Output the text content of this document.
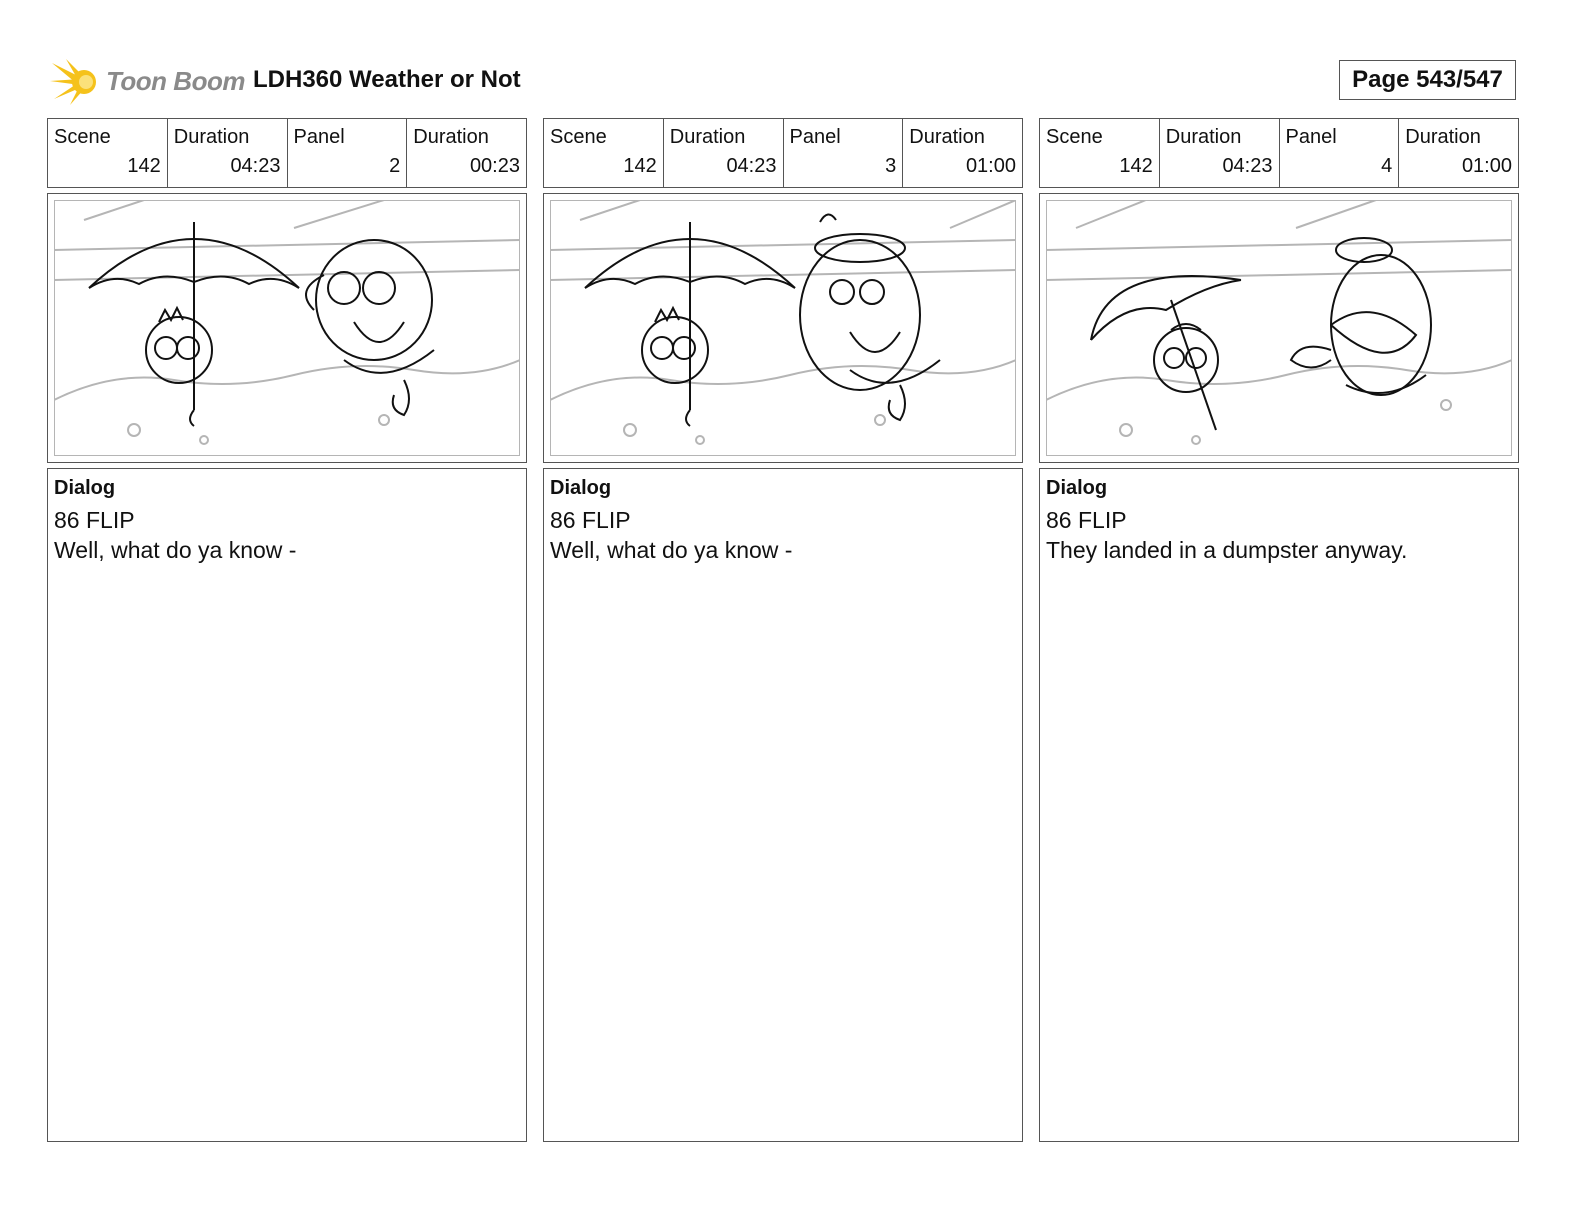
Toon Boom LDH360 Weather or Not	Page 543/547
Scene
142
Duration
04:23
Panel
2
Duration
00:23
Dialog
86 FLIP
Well, what do ya know -
Scene
142
Duration
04:23
Panel
3
Duration
01:00
Dialog
86 FLIP
Well, what do ya know -
Scene
142
Duration
04:23
Panel
4
Duration
01:00
Dialog
86 FLIP
They landed in a dumpster anyway.
